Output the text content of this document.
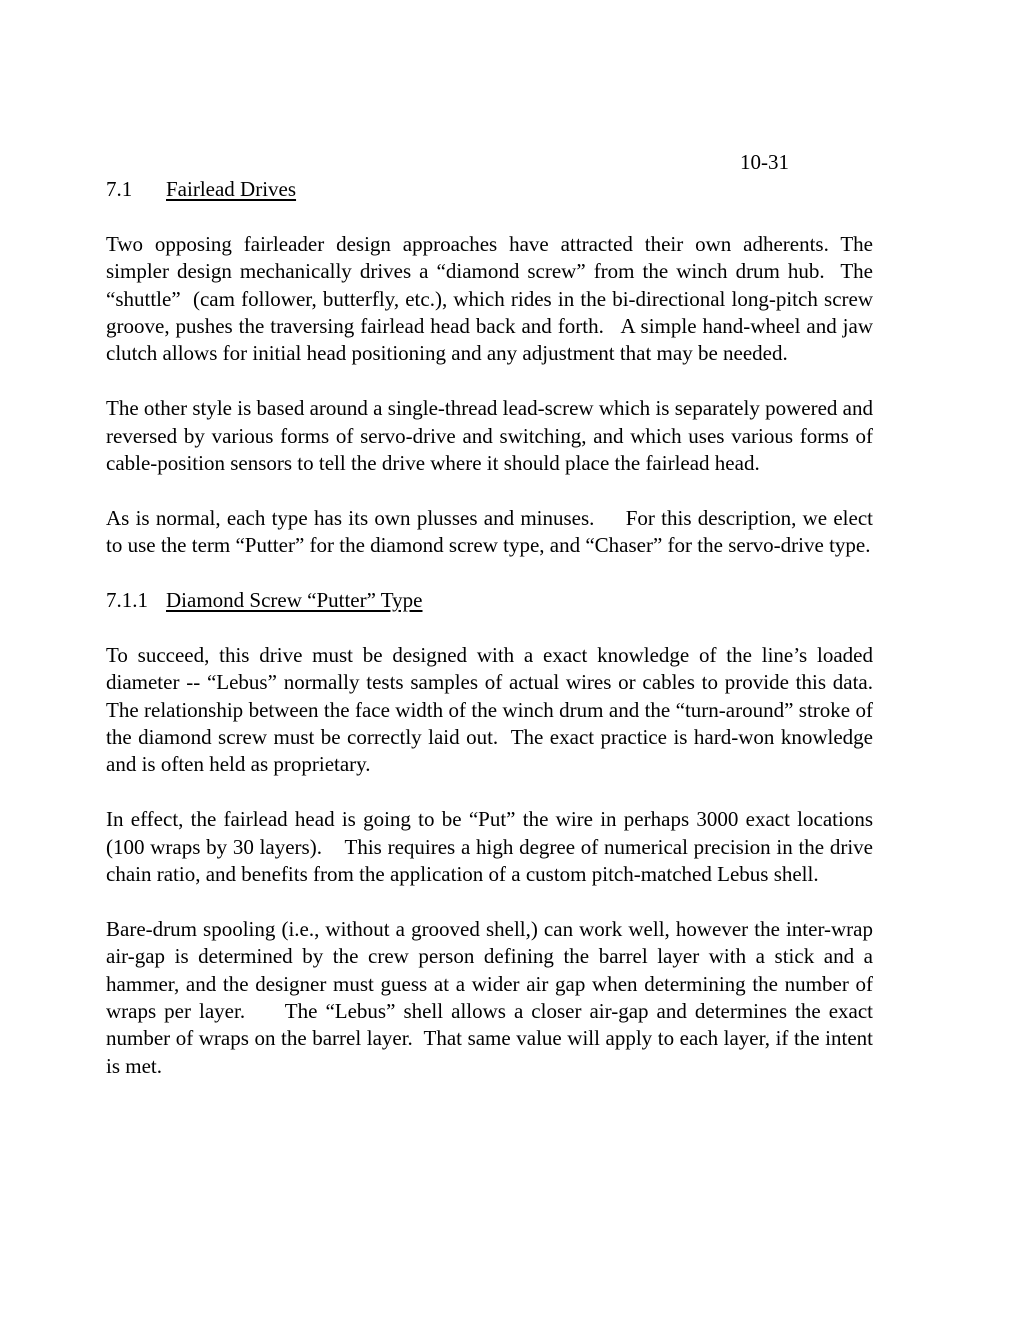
10-31
7.1 Fairlead Drives

Two opposing fairleader design approaches have attracted their own adherents. The simpler design mechanically drives a “diamond screw” from the winch drum hub.  The “shuttle”  (cam follower, butterfly, etc.), which rides in the bi-directional long-pitch screw groove, pushes the traversing fairlead head back and forth.   A simple hand-wheel and jaw clutch allows for initial head positioning and any adjustment that may be needed.

The other style is based around a single-thread lead-screw which is separately powered and reversed by various forms of servo-drive and switching, and which uses various forms of cable-position sensors to tell the drive where it should place the fairlead head.

As is normal, each type has its own plusses and minuses.     For this description, we elect to use the term “Putter” for the diamond screw type, and “Chaser” for the servo-drive type.

7.1.1 Diamond Screw “Putter” Type

To succeed, this drive must be designed with a exact knowledge of the line’s loaded diameter -- “Lebus” normally tests samples of actual wires or cables to provide this data.    The relationship between the face width of the winch drum and the “turn-around” stroke of the diamond screw must be correctly laid out.  The exact practice is hard-won knowledge and is often held as proprietary.

In effect, the fairlead head is going to be “Put” the wire in perhaps 3000 exact locations (100 wraps by 30 layers).    This requires a high degree of numerical precision in the drive chain ratio, and benefits from the application of a custom pitch-matched Lebus shell.

Bare-drum spooling (i.e., without a grooved shell,) can work well, however the inter-wrap air-gap is determined by the crew person defining the barrel layer with a stick and a hammer, and the designer must guess at a wider air gap when determining the number of wraps per layer.     The “Lebus” shell allows a closer air-gap and determines the exact number of wraps on the barrel layer.  That same value will apply to each layer, if the intent is met.
